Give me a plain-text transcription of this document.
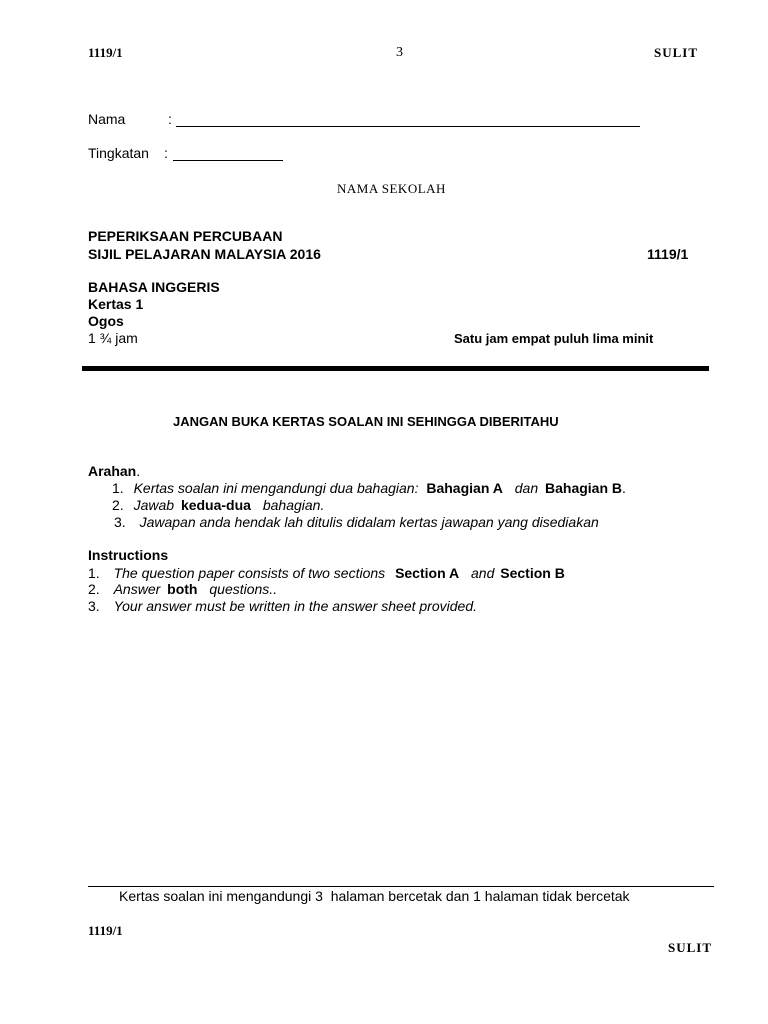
1119/1	3	SULIT
Nama	:
Tingkatan :
NAMA SEKOLAH
PEPERIKSAAN PERCUBAAN
SIJIL PELAJARAN MALAYSIA 2016	1119/1
BAHASA INGGERIS
Kertas 1
Ogos
1 ¾ jam	Satu jam empat puluh lima minit
JANGAN BUKA KERTAS SOALAN INI SEHINGGA DIBERITAHU
Arahan.
1. Kertas soalan ini mengandungi dua bahagian: Bahagian A dan Bahagian B.
2. Jawab kedua-dua bahagian.
3. Jawapan anda hendak lah ditulis didalam kertas jawapan yang disediakan
Instructions
1. The question paper consists of two sections Section A and Section B
2. Answer both questions..
3. Your answer must be written in the answer sheet provided.
Kertas soalan ini mengandungi 3  halaman bercetak dan 1 halaman tidak bercetak
1119/1
SULIT
